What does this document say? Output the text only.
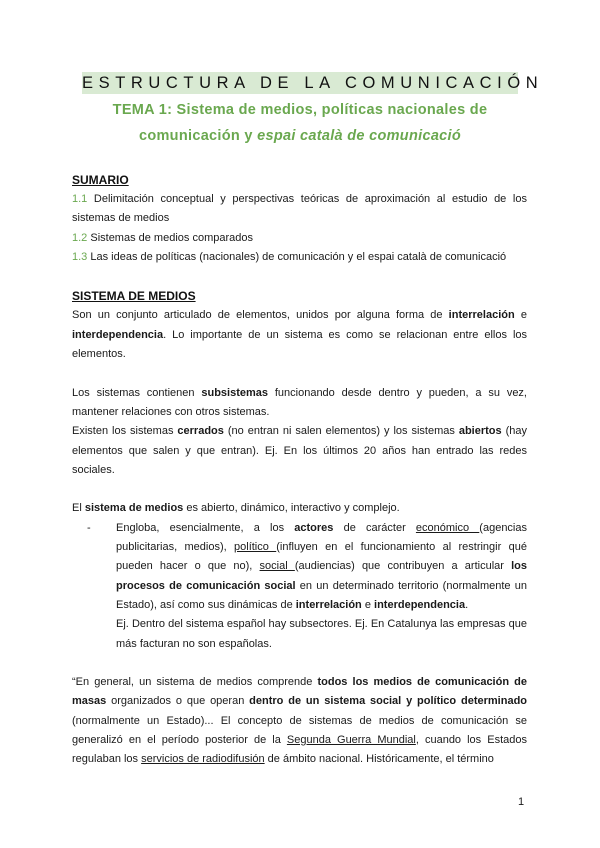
ESTRUCTURA DE LA COMUNICACIÓN
TEMA 1: Sistema de medios, políticas nacionales de
comunicación y espai català de comunicació
SUMARIO
1.1 Delimitación conceptual y perspectivas teóricas de aproximación al estudio de los sistemas de medios
1.2 Sistemas de medios comparados
1.3 Las ideas de políticas (nacionales) de comunicación y el espai català de comunicació
SISTEMA DE MEDIOS
Son un conjunto articulado de elementos, unidos por alguna forma de interrelación e interdependencia. Lo importante de un sistema es como se relacionan entre ellos los elementos.
Los sistemas contienen subsistemas funcionando desde dentro y pueden, a su vez, mantener relaciones con otros sistemas.
Existen los sistemas cerrados (no entran ni salen elementos) y los sistemas abiertos (hay elementos que salen y que entran). Ej. En los últimos 20 años han entrado las redes sociales.
El sistema de medios es abierto, dinámico, interactivo y complejo.
- Engloba, esencialmente, a los actores de carácter económico (agencias publicitarias, medios), político (influyen en el funcionamiento al restringir qué pueden hacer o que no), social (audiencias) que contribuyen a articular los procesos de comunicación social en un determinado territorio (normalmente un Estado), así como sus dinámicas de interrelación e interdependencia.
Ej. Dentro del sistema español hay subsectores. Ej. En Catalunya las empresas que más facturan no son españolas.
“En general, un sistema de medios comprende todos los medios de comunicación de masas organizados o que operan dentro de un sistema social y político determinado (normalmente un Estado)... El concepto de sistemas de medios de comunicación se generalizó en el período posterior de la Segunda Guerra Mundial, cuando los Estados regulaban los servicios de radiodifusión de ámbito nacional. Históricamente, el término
1
